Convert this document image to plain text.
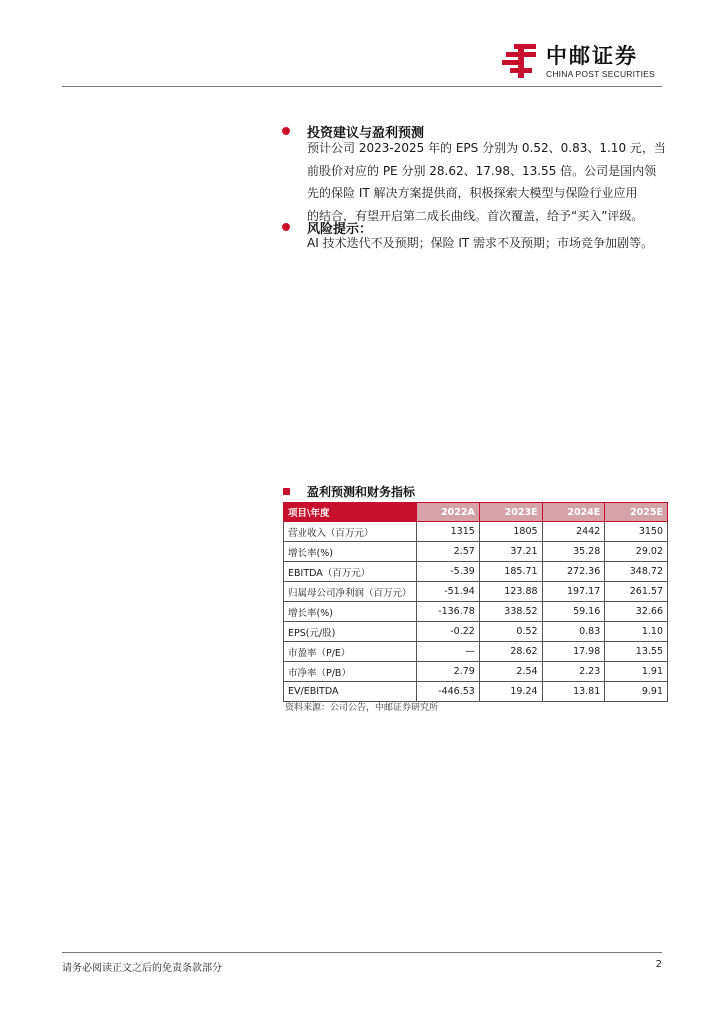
中邮证券
CHINA POST SECURITIES
投资建议与盈利预测
预计公司 2023-2025 年的 EPS 分别为 0.52、0.83、1.10 元，当
前股价对应的 PE 分别 28.62、17.98、13.55 倍。公司是国内领
先的保险 IT 解决方案提供商，积极探索大模型与保险行业应用
的结合，有望开启第二成长曲线。首次覆盖，给予“买入”评级。
风险提示：
AI 技术迭代不及预期；保险 IT 需求不及预期；市场竞争加剧等。
盈利预测和财务指标
项目\年度	2022A	2023E	2024E	2025E
营业收入（百万元）	1315	1805	2442	3150
增长率(%)	2.57	37.21	35.28	29.02
EBITDA（百万元）	-5.39	185.71	272.36	348.72
归属母公司净利润（百万元）	-51.94	123.88	197.17	261.57
增长率(%)	-136.78	338.52	59.16	32.66
EPS(元/股)	-0.22	0.52	0.83	1.10
市盈率（P/E）	—	28.62	17.98	13.55
市净率（P/B）	2.79	2.54	2.23	1.91
EV/EBITDA	-446.53	19.24	13.81	9.91
资料来源：公司公告，中邮证券研究所
请务必阅读正文之后的免责条款部分	2
